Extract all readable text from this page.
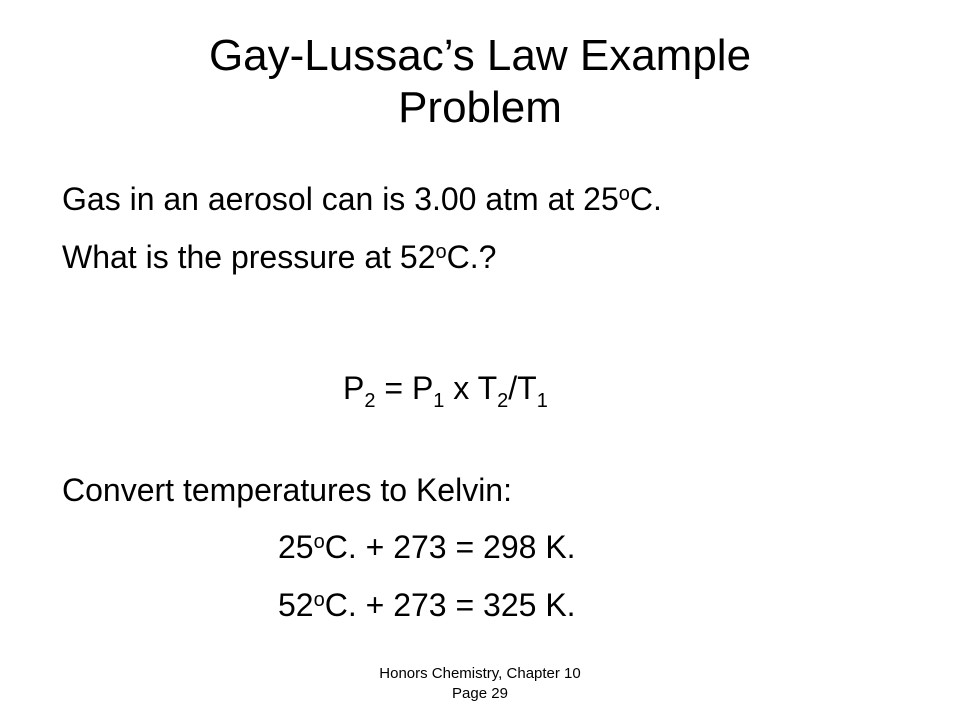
Gay-Lussac’s Law Example
Problem
Gas in an aerosol can is 3.00 atm at 25$^o$C.
What is the pressure at 52$^o$C.?
$P_2 = P_1$ x $T_2/T_1$
Convert temperatures to Kelvin:
$25^oC$. + 273 = 298 K.
$52^oC$. + 273 = 325 K.
Honors Chemistry, Chapter 10
Page 29
